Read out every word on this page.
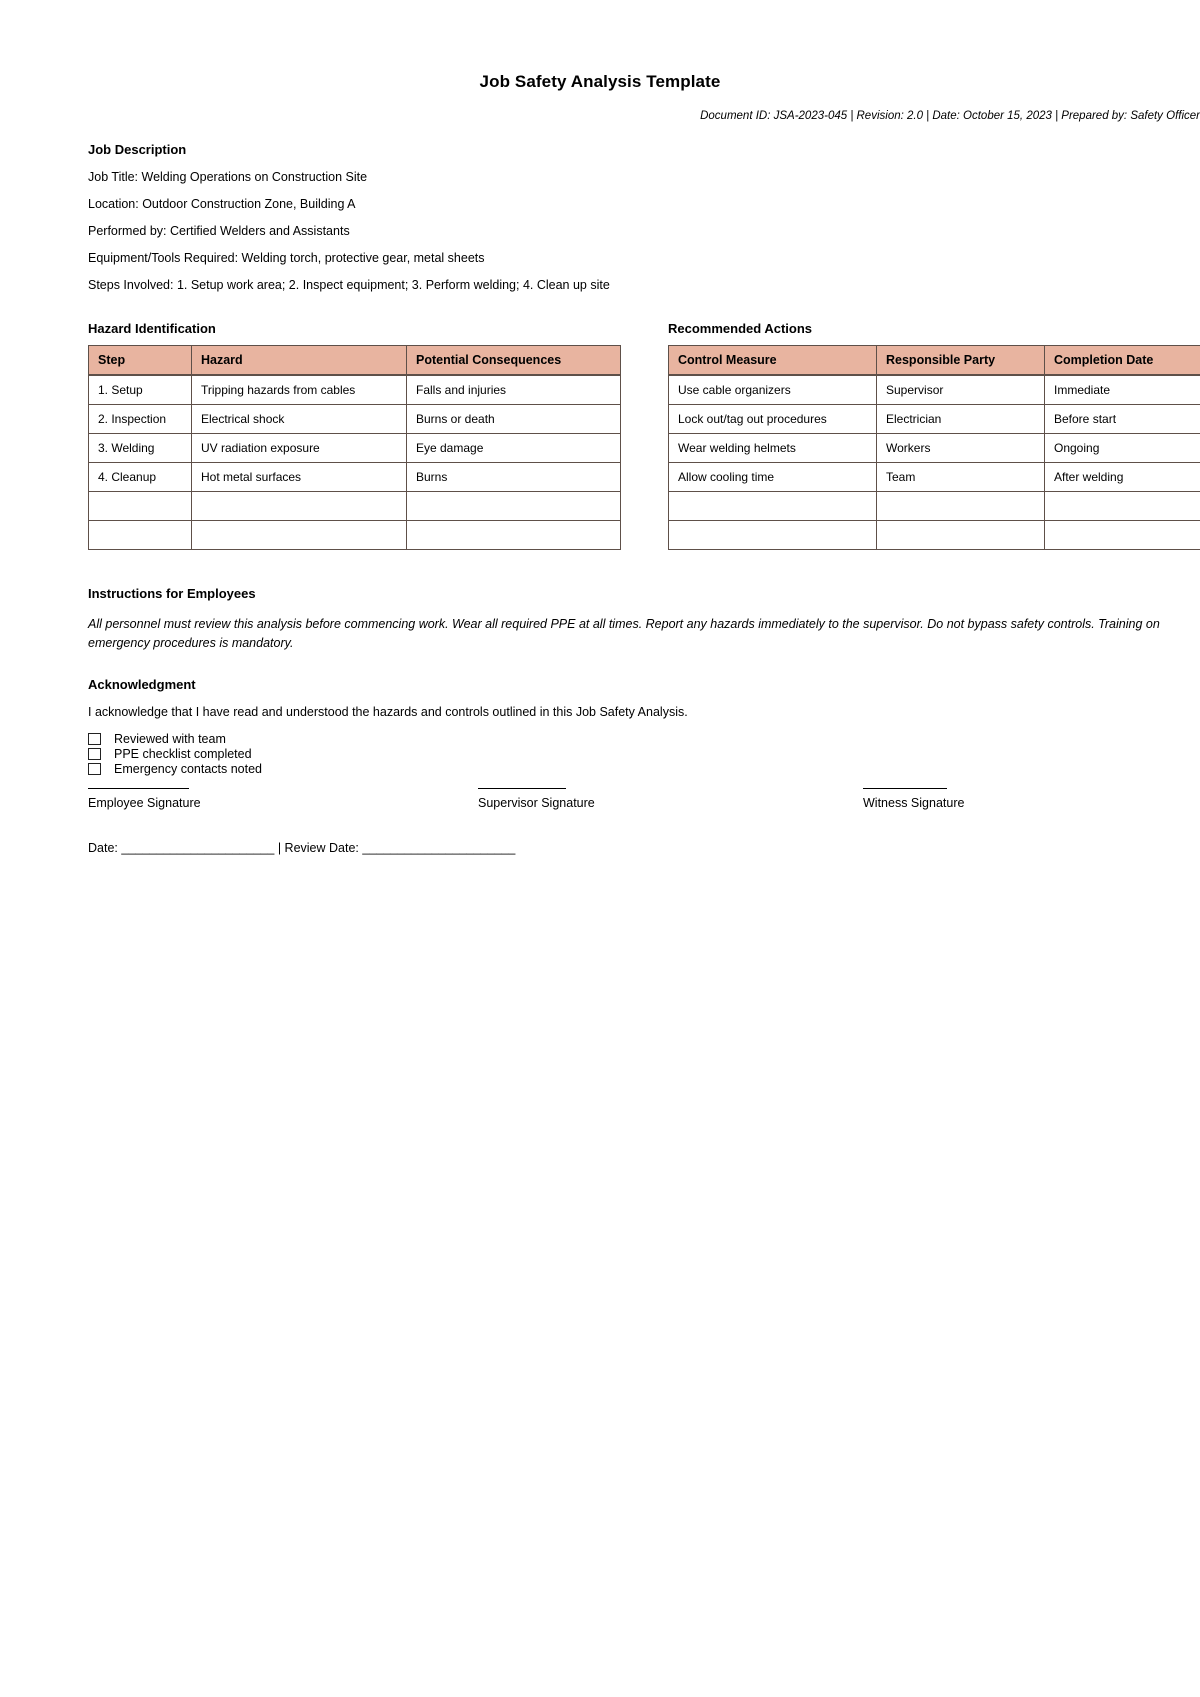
Job Safety Analysis Template
Document ID: JSA-2023-045 | Revision: 2.0 | Date: October 15, 2023 | Prepared by: Safety Officer
Job Description
Job Title: Welding Operations on Construction Site
Location: Outdoor Construction Zone, Building A
Performed by: Certified Welders and Assistants
Equipment/Tools Required: Welding torch, protective gear, metal sheets
Steps Involved: 1. Setup work area; 2. Inspect equipment; 3. Perform welding; 4. Clean up site
Hazard Identification
Step	Hazard	Potential Consequences
1. Setup	Tripping hazards from cables	Falls and injuries
2. Inspection	Electrical shock	Burns or death
3. Welding	UV radiation exposure	Eye damage
4. Cleanup	Hot metal surfaces	Burns

Recommended Actions
Control Measure	Responsible Party	Completion Date
Use cable organizers	Supervisor	Immediate
Lock out/tag out procedures	Electrician	Before start
Wear welding helmets	Workers	Ongoing
Allow cooling time	Team	After welding

Instructions for Employees

All personnel must review this analysis before commencing work. Wear all required PPE at all times. Report any hazards immediately to the supervisor. Do not bypass safety controls. Training on emergency procedures is mandatory.

Acknowledgment
I acknowledge that I have read and understood the hazards and controls outlined in this Job Safety Analysis.
Reviewed with team
PPE checklist completed
Emergency contacts noted
Employee Signature	Supervisor Signature	Witness Signature
Date: ______________________ | Review Date: ______________________
